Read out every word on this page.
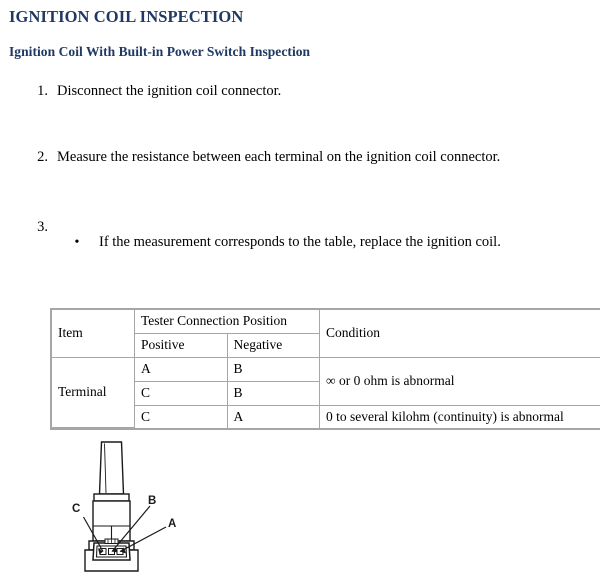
IGNITION COIL INSPECTION
Ignition Coil With Built-in Power Switch Inspection
1. Disconnect the ignition coil connector.
2. Measure the resistance between each terminal on the ignition coil connector.
3.
• If the measurement corresponds to the table, replace the ignition coil.
Item	Tester Connection Position		Condition
	Positive	Negative	
Terminal	A	B	∞ or 0 ohm is abnormal
	C	B	
	C	A	0 to several kilohm (continuity) is abnormal
C
B
A
